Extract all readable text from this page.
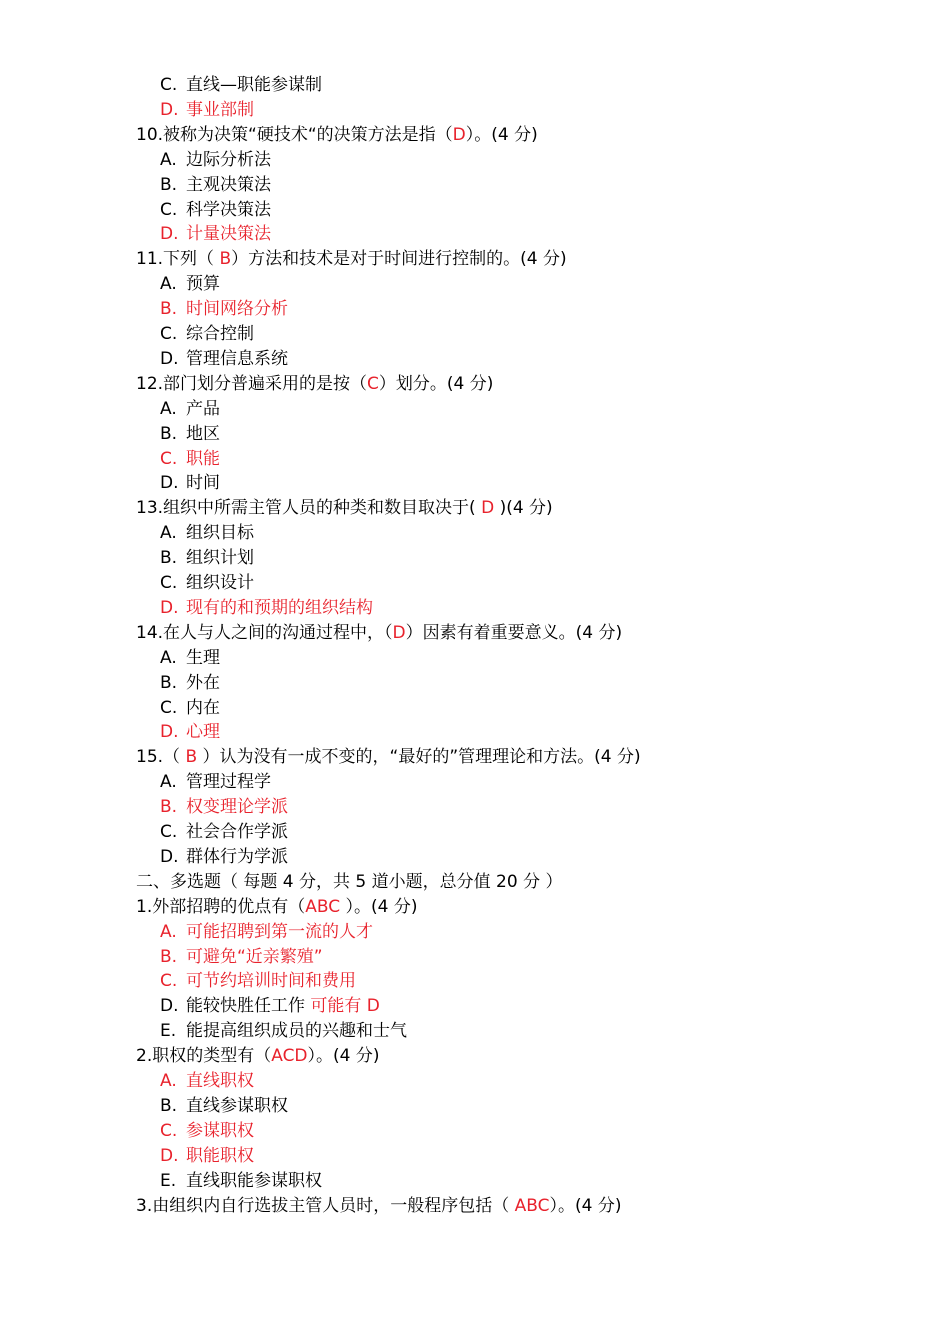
C. 直线—职能参谋制
D. 事业部制
10.被称为决策“硬技术“的决策方法是指（D）。(4 分)
A. 边际分析法
B. 主观决策法
C. 科学决策法
D. 计量决策法
11.下列（ B）方法和技术是对于时间进行控制的。(4 分)
A. 预算
B. 时间网络分析
C. 综合控制
D. 管理信息系统
12.部门划分普遍采用的是按（C）划分。(4 分)
A. 产品
B. 地区
C. 职能
D. 时间
13.组织中所需主管人员的种类和数目取决于( D )(4 分)
A. 组织目标
B. 组织计划
C. 组织设计
D. 现有的和预期的组织结构
14.在人与人之间的沟通过程中，（D）因素有着重要意义。(4 分)
A. 生理
B. 外在
C. 内在
D. 心理
15.（ B ）认为没有一成不变的，“最好的”管理理论和方法。(4 分)
A. 管理过程学
B. 权变理论学派
C. 社会合作学派
D. 群体行为学派
二、多选题（ 每题 4 分，共 5 道小题，总分值 20 分 ）
1.外部招聘的优点有（ABC ）。(4 分)
A. 可能招聘到第一流的人才
B. 可避免“近亲繁殖”
C. 可节约培训时间和费用
D. 能较快胜任工作 可能有 D
E. 能提高组织成员的兴趣和士气
2.职权的类型有（ACD）。(4 分)
A. 直线职权
B. 直线参谋职权
C. 参谋职权
D. 职能职权
E. 直线职能参谋职权
3.由组织内自行选拔主管人员时，一般程序包括（ ABC）。(4 分)
